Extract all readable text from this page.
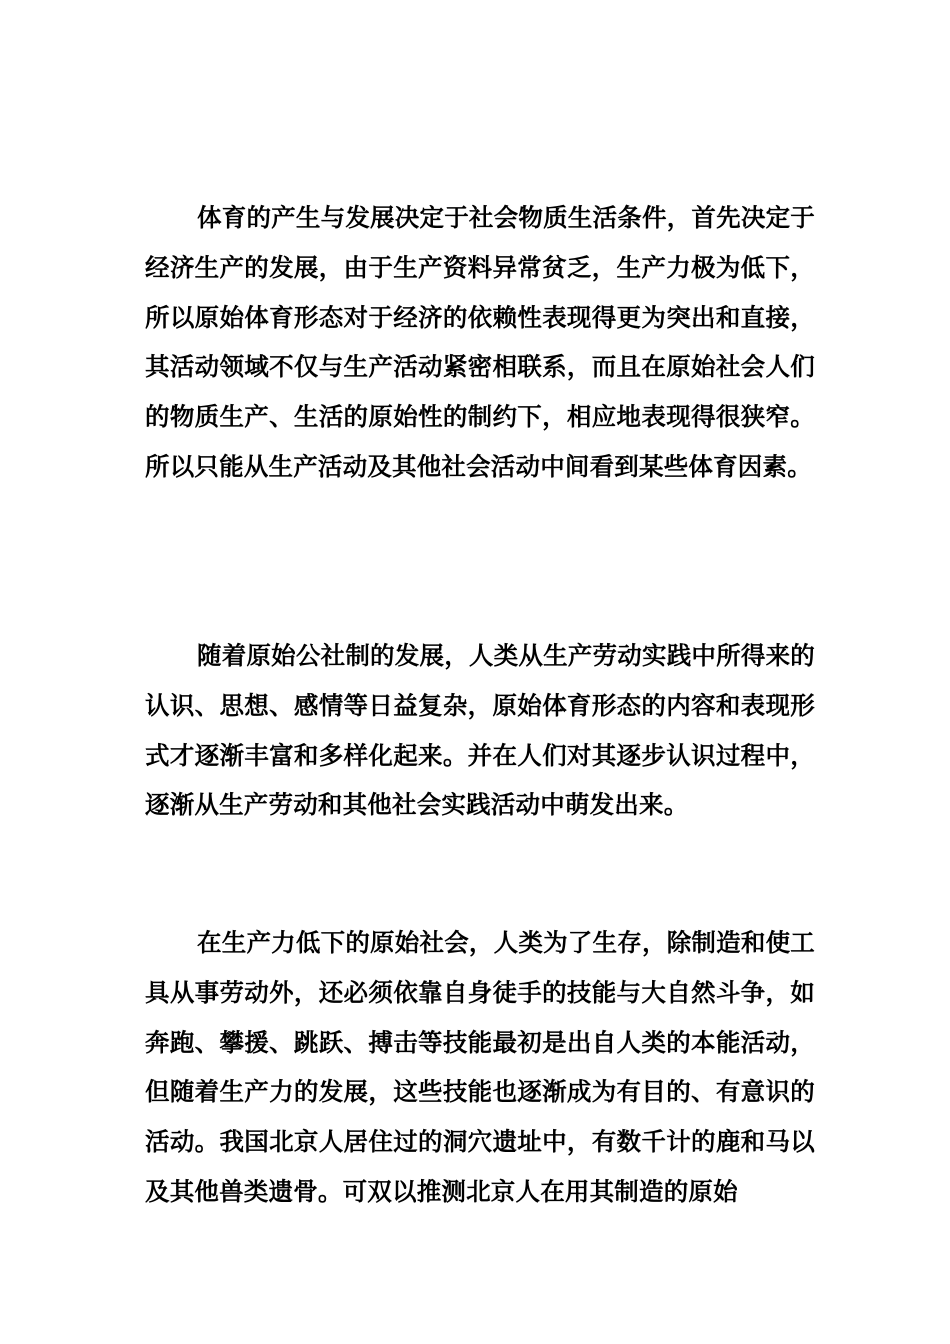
体育的产生与发展决定于社会物质生活条件，首先决定于经济生产的发展，由于生产资料异常贫乏，生产力极为低下，所以原始体育形态对于经济的依赖性表现得更为突出和直接，其活动领域不仅与生产活动紧密相联系，而且在原始社会人们的物质生产、生活的原始性的制约下，相应地表现得很狭窄。所以只能从生产活动及其他社会活动中间看到某些体育因素。

随着原始公社制的发展，人类从生产劳动实践中所得来的认识、思想、感情等日益复杂，原始体育形态的内容和表现形式才逐渐丰富和多样化起来。并在人们对其逐步认识过程中，逐渐从生产劳动和其他社会实践活动中萌发出来。

在生产力低下的原始社会，人类为了生存，除制造和使工具从事劳动外，还必须依靠自身徒手的技能与大自然斗争，如奔跑、攀援、跳跃、搏击等技能最初是出自人类的本能活动，但随着生产力的发展，这些技能也逐渐成为有目的、有意识的活动。我国北京人居住过的洞穴遗址中，有数千计的鹿和马以及其他兽类遗骨。可双以推测北京人在用其制造的原始
